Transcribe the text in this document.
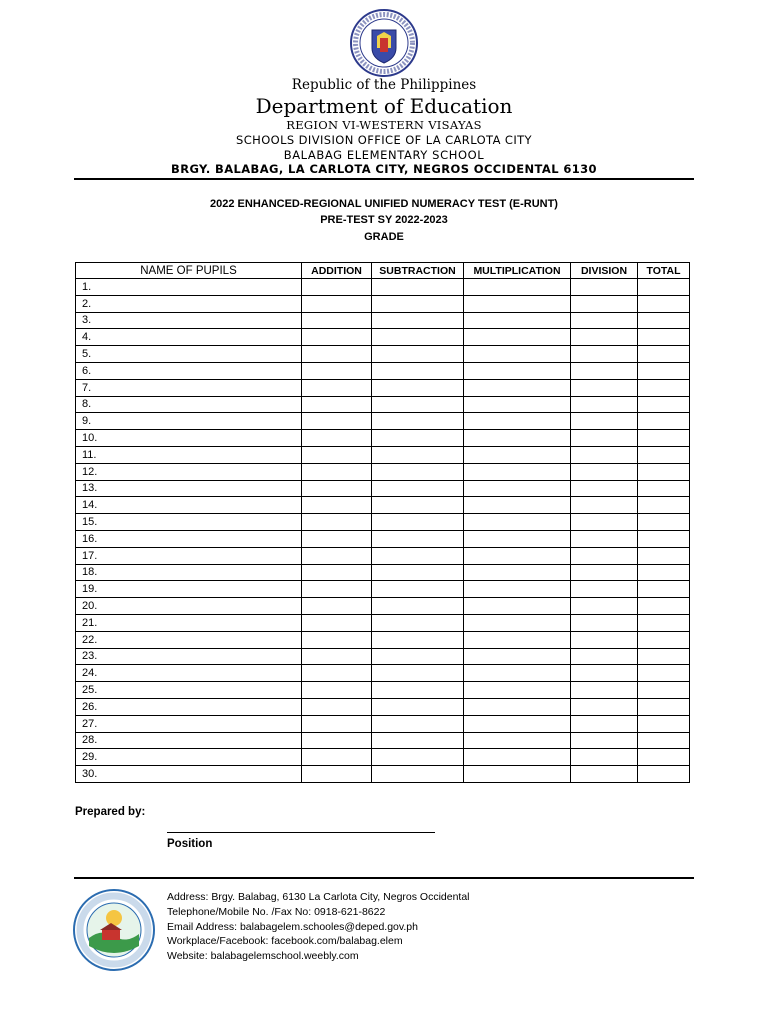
Republic of the Philippines
Department of Education
REGION VI-WESTERN VISAYAS
SCHOOLS DIVISION OFFICE OF LA CARLOTA CITY
BALABAG ELEMENTARY SCHOOL
BRGY. BALABAG, LA CARLOTA CITY, NEGROS OCCIDENTAL 6130
2022 ENHANCED-REGIONAL UNIFIED NUMERACY TEST (E-RUNT)
PRE-TEST SY 2022-2023
GRADE
NAME OF PUPILS	ADDITION	SUBTRACTION	MULTIPLICATION	DIVISION	TOTAL
1.					
2.					
3.					
4.					
5.					
6.					
7.					
8.					
9.					
10.					
11.					
12.					
13.					
14.					
15.					
16.					
17.					
18.					
19.					
20.					
21.					
22.					
23.					
24.					
25.					
26.					
27.					
28.					
29.					
30.					
Prepared by:
Position
Address: Brgy. Balabag, 6130 La Carlota City, Negros Occidental
Telephone/Mobile No. /Fax No: 0918-621-8622
Email Address: balabagelem.schooles@deped.gov.ph
Workplace/Facebook: facebook.com/balabag.elem
Website: balabagelemschool.weebly.com
